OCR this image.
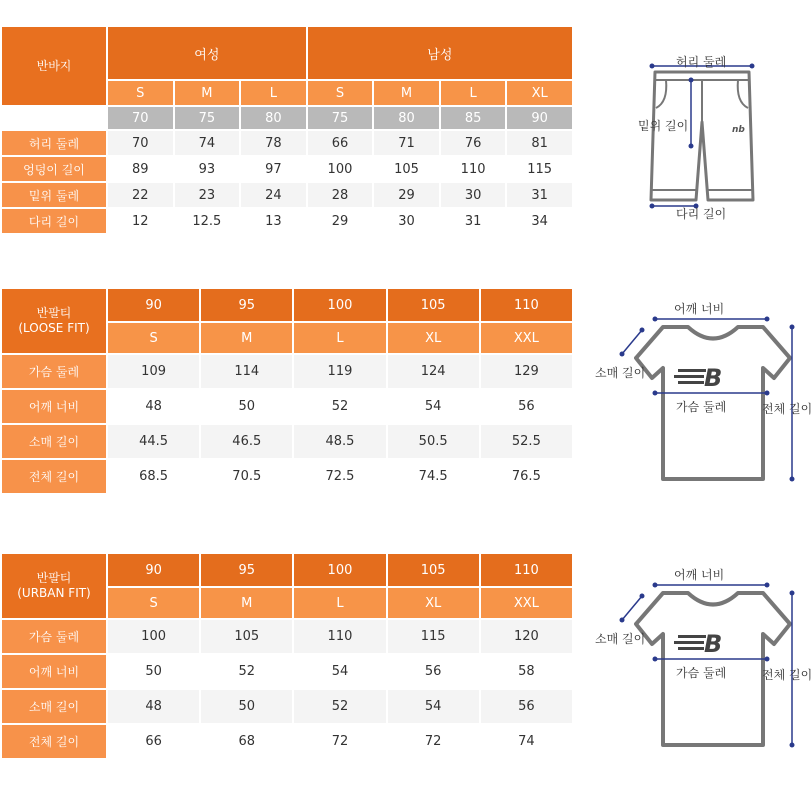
반바지	여성			남성			
	S	M	L	S	M	L	XL
	70	75	80	75	80	85	90
허리 둘레	70	74	78	66	71	76	81
엉덩이 길이	89	93	97	100	105	110	115
밑위 둘레	22	23	24	28	29	30	31
다리 길이	12	12.5	13	29	30	31	34
반팔티
(LOOSE FIT)	90	95	100	105	110
	S	M	L	XL	XXL
가슴 둘레	109	114	119	124	129
어깨 너비	48	50	52	54	56
소매 길이	44.5	46.5	48.5	50.5	52.5
전체 길이	68.5	70.5	72.5	74.5	76.5
반팔티
(URBAN FIT)	90	95	100	105	110
	S	M	L	XL	XXL
가슴 둘레	100	105	110	115	120
어깨 너비	50	52	54	56	58
소매 길이	48	50	52	54	56
전체 길이	66	68	72	72	74
nb
허리 둘레
밑위 길이
다리 길이
B
어깨 너비
소매 길이
가슴 둘레	전체 길이
B
어깨 너비
소매 길이
가슴 둘레	전체 길이
